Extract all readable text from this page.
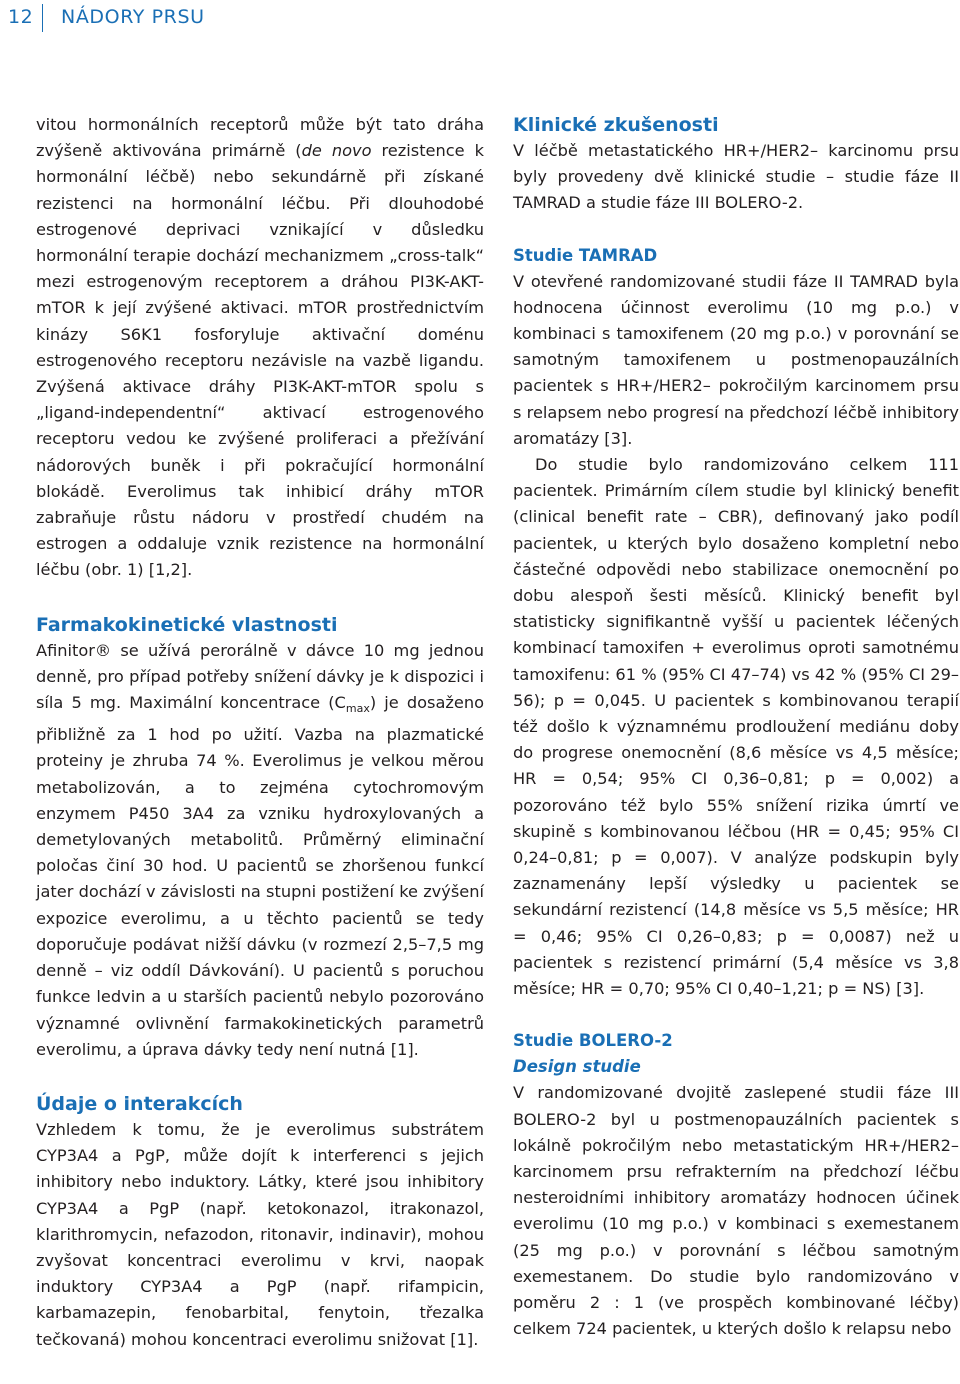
12 NÁDORY PRSU

vitou hormonálních receptorů může být tato dráha zvýšeně aktivována primárně (de novo rezistence k hormonální léčbě) nebo sekundárně při získané rezistenci na hormonální léčbu. Při dlouhodobé estrogenové deprivaci vznikající v důsledku hormonální terapie dochází mechanizmem „cross-talk“ mezi estrogenovým receptorem a dráhou PI3K-AKT-mTOR k její zvýšené aktivaci. mTOR prostřednictvím kinázy S6K1 fosforyluje aktivační doménu estrogenového receptoru nezávisle na vazbě ligandu. Zvýšená aktivace dráhy PI3K-AKT-mTOR spolu s „ligand-independentní“ aktivací estrogenového receptoru vedou ke zvýšené proliferaci a přežívání nádorových buněk i při pokračující hormonální blokádě. Everolimus tak inhibicí dráhy mTOR zabraňuje růstu nádoru v prostředí chudém na estrogen a oddaluje vznik rezistence na hormonální léčbu (obr. 1) [1,2].

Farmakokinetické vlastnosti

Afinitor® se užívá perorálně v dávce 10 mg jednou denně, pro případ potřeby snížení dávky je k dispozici i síla 5 mg. Maximální koncentrace $(C_{max})$ je dosaženo přibližně za 1 hod po užití. Vazba na plazmatické proteiny je zhruba 74 %. Everolimus je velkou měrou metabolizován, a to zejména cytochromovým enzymem P450 3A4 za vzniku hydroxylovaných a demetylovaných metabolitů. Průměrný eliminační poločas činí 30 hod. U pacientů se zhoršenou funkcí jater dochází v závislosti na stupni postižení ke zvýšení expozice everolimu, a u těchto pacientů se tedy doporučuje podávat nižší dávku (v rozmezí 2,5–7,5 mg denně – viz oddíl Dávkování). U pacientů s poruchou funkce ledvin a u starších pacientů nebylo pozorováno významné ovlivnění farmakokinetických parametrů everolimu, a úprava dávky tedy není nutná [1].

Údaje o interakcích

Vzhledem k tomu, že je everolimus substrátem CYP3A4 a PgP, může dojít k interferenci s jejich inhibitory nebo induktory. Látky, které jsou inhibitory CYP3A4 a PgP (např. ketokonazol, itrakonazol, klarithromycin, nefazodon, ritonavir, indinavir), mohou zvyšovat koncentraci everolimu v krvi, naopak induktory CYP3A4 a PgP (např. rifampicin, karbamazepin, fenobarbital, fenytoin, třezalka tečkovaná) mohou koncentraci everolimu snižovat [1].

Klinické zkušenosti

V léčbě metastatického HR+/HER2– karcinomu prsu byly provedeny dvě klinické studie – studie fáze II TAMRAD a studie fáze III BOLERO-2.

Studie TAMRAD

V otevřené randomizované studii fáze II TAMRAD byla hodnocena účinnost everolimu (10 mg p.o.) v kombinaci s tamoxifenem (20 mg p.o.) v porovnání se samotným tamoxifenem u postmenopauzálních pacientek s HR+/HER2– pokročilým karcinomem prsu s relapsem nebo progresí na předchozí léčbě inhibitory aromatázy [3].

Do studie bylo randomizováno celkem 111 pacientek. Primárním cílem studie byl klinický benefit (clinical benefit rate – CBR), definovaný jako podíl pacientek, u kterých bylo dosaženo kompletní nebo částečné odpovědi nebo stabilizace onemocnění po dobu alespoň šesti měsíců. Klinický benefit byl statisticky signifikantně vyšší u pacientek léčených kombinací tamoxifen + everolimus oproti samotnému tamoxifenu: 61 % (95% CI 47–74) vs 42 % (95% CI 29–56); p = 0,045. U pacientek s kombinovanou terapií též došlo k významnému prodloužení mediánu doby do progrese onemocnění (8,6 měsíce vs 4,5 měsíce; HR = 0,54; 95% CI 0,36–0,81; p = 0,002) a pozorováno též bylo 55% snížení rizika úmrtí ve skupině s kombinovanou léčbou (HR = 0,45; 95% CI 0,24–0,81; p = 0,007). V analýze podskupin byly zaznamenány lepší výsledky u pacientek se sekundární rezistencí (14,8 měsíce vs 5,5 měsíce; HR = 0,46; 95% CI 0,26–0,83; p = 0,0087) než u pacientek s rezistencí primární (5,4 měsíce vs 3,8 měsíce; HR = 0,70; 95% CI 0,40–1,21; p = NS) [3].

Studie BOLERO-2
Design studie

V randomizované dvojitě zaslepené studii fáze III BOLERO-2 byl u postmenopauzálních pacientek s lokálně pokročilým nebo metastatickým HR+/HER2– karcinomem prsu refrakterním na předchozí léčbu nesteroidními inhibitory aromatázy hodnocen účinek everolimu (10 mg p.o.) v kombinaci s exemestanem (25 mg p.o.) v porovnání s léčbou samotným exemestanem. Do studie bylo randomizováno v poměru 2 : 1 (ve prospěch kombinované léčby) celkem 724 pacientek, u kterých došlo k relapsu nebo
